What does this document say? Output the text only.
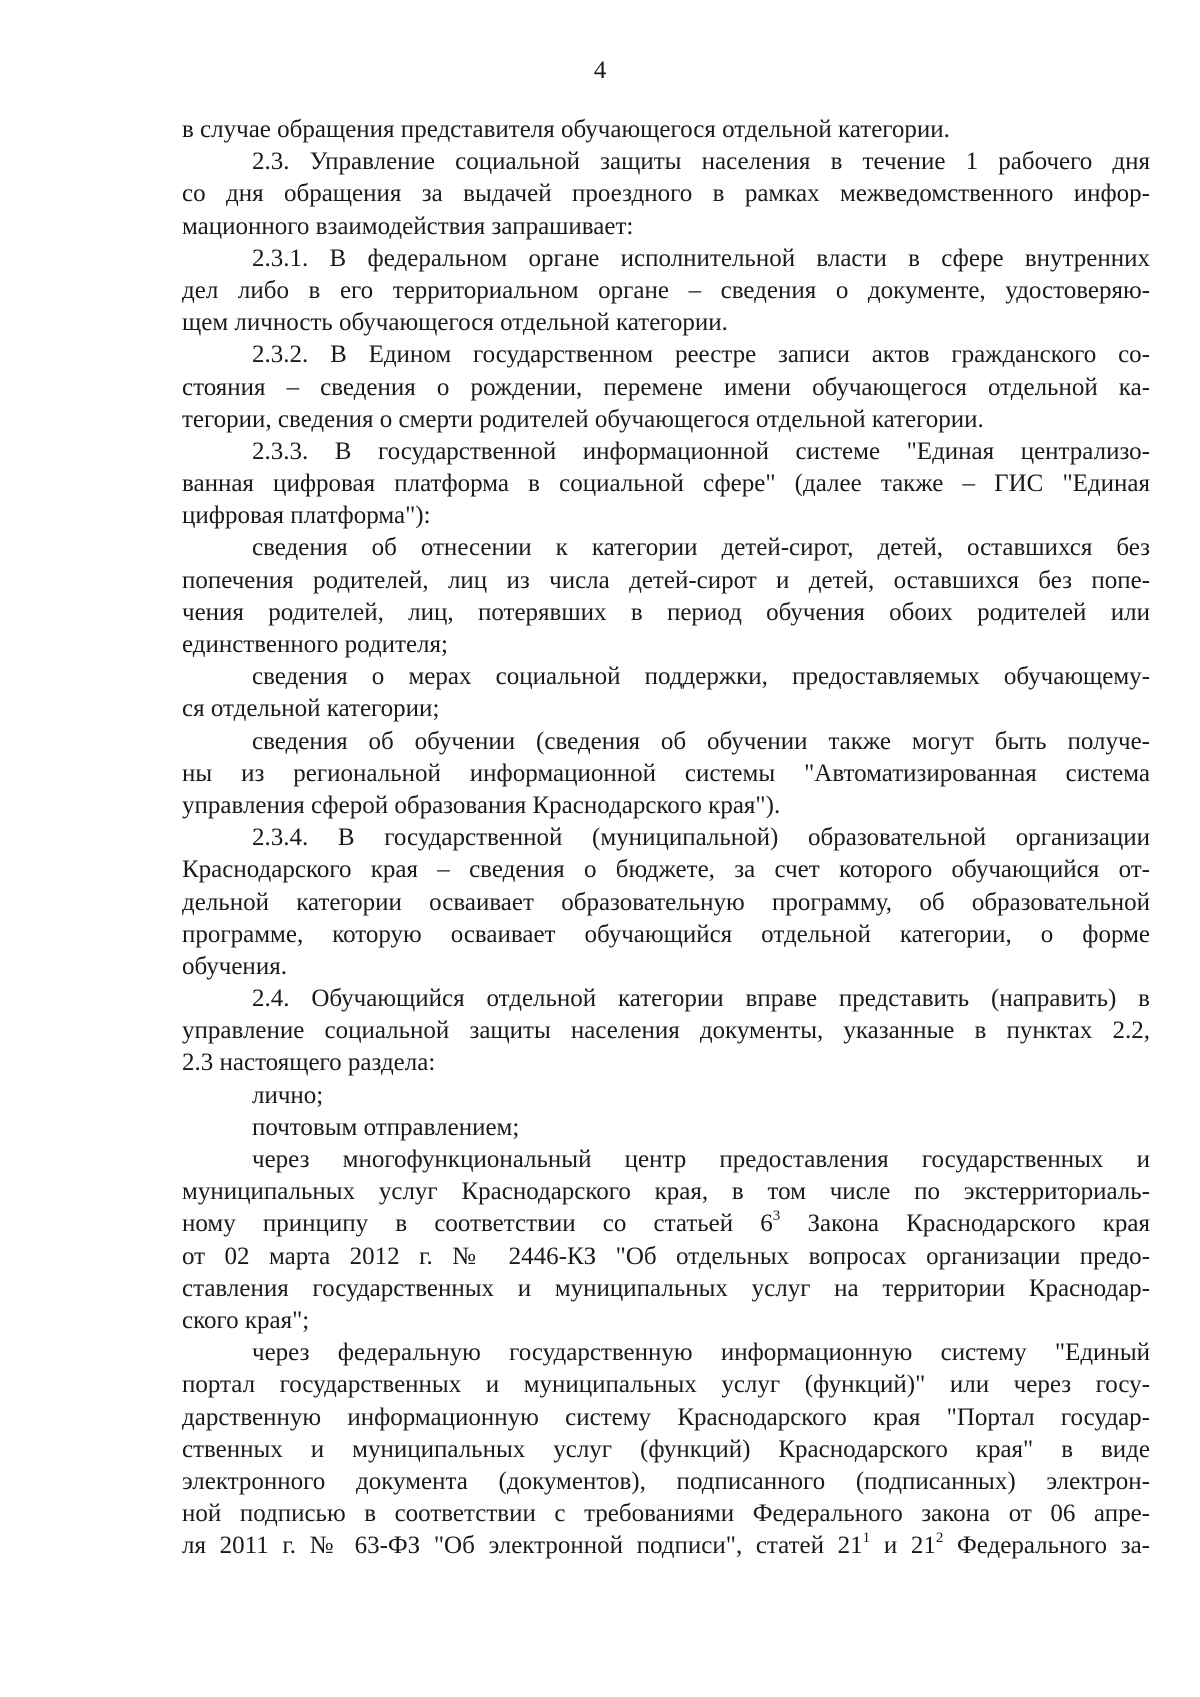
4
в случае обращения представителя обучающегося отдельной категории.
2.3. Управление социальной защиты населения в течение 1 рабочего дня
со дня обращения за выдачей проездного в рамках межведомственного инфор-
мационного взаимодействия запрашивает:
2.3.1. В федеральном органе исполнительной власти в сфере внутренних
дел либо в его территориальном органе – сведения о документе, удостоверяю-
щем личность обучающегося отдельной категории.
2.3.2. В Едином государственном реестре записи актов гражданского со-
стояния – сведения о рождении, перемене имени обучающегося отдельной ка-
тегории, сведения о смерти родителей обучающегося отдельной категории.
2.3.3. В государственной информационной системе "Единая централизо-
ванная цифровая платформа в социальной сфере" (далее также – ГИС "Единая
цифровая платформа"):
сведения об отнесении к категории детей-сирот, детей, оставшихся без
попечения родителей, лиц из числа детей-сирот и детей, оставшихся без попе-
чения родителей, лиц, потерявших в период обучения обоих родителей или
единственного родителя;
сведения о мерах социальной поддержки, предоставляемых обучающему-
ся отдельной категории;
сведения об обучении (сведения об обучении также могут быть получе-
ны из региональной информационной системы "Автоматизированная система
управления сферой образования Краснодарского края").
2.3.4. В государственной (муниципальной) образовательной организации
Краснодарского края – сведения о бюджете, за счет которого обучающийся от-
дельной категории осваивает образовательную программу, об образовательной
программе, которую осваивает обучающийся отдельной категории, о форме
обучения.
2.4. Обучающийся отдельной категории вправе представить (направить) в
управление социальной защиты населения документы, указанные в пунктах 2.2,
2.3 настоящего раздела:
лично;
почтовым отправлением;
через многофункциональный центр предоставления государственных и
муниципальных услуг Краснодарского края, в том числе по экстерриториаль-
ному принципу в соответствии со статьей $6^3$ Закона Краснодарского края
от 02 марта 2012 г. № 2446-КЗ "Об отдельных вопросах организации предо-
ставления государственных и муниципальных услуг на территории Краснодар-
ского края";
через федеральную государственную информационную систему "Единый
портал государственных и муниципальных услуг (функций)" или через госу-
дарственную информационную систему Краснодарского края "Портал государ-
ственных и муниципальных услуг (функций) Краснодарского края" в виде
электронного документа (документов), подписанного (подписанных) электрон-
ной подписью в соответствии с требованиями Федерального закона от 06 апре-
ля 2011 г. № 63-ФЗ "Об электронной подписи", статей $21^1$ и $21^2$ Федерального за-
